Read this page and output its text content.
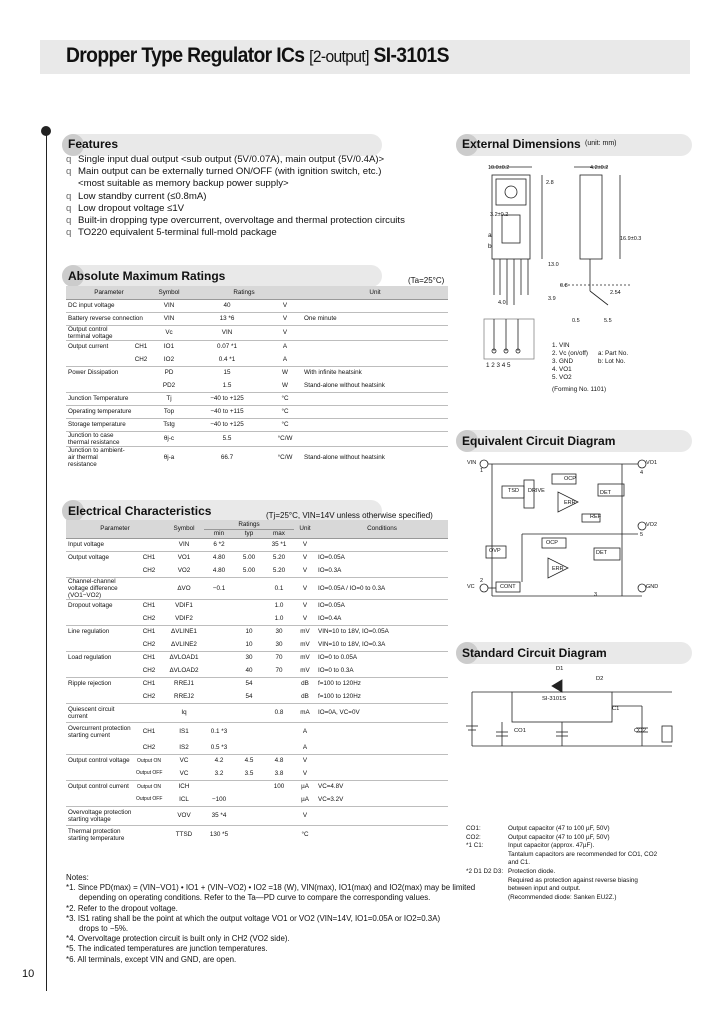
Dropper Type Regulator ICs [2-output] SI-3101S
10
Features
q Single input dual output <sub output (5V/0.07A), main output (5V/0.4A)>
q Main output can be externally turned ON/OFF (with ignition switch, etc.)
<most suitable as memory backup power supply>
q Low standby current (≤0.8mA)
q Low dropout voltage ≤1V
q Built-in dropping type overcurrent, overvoltage and thermal protection circuits
q TO220 equivalent 5-terminal full-mold package
Absolute Maximum Ratings	(Ta=25°C)
Parameter		Symbol	Ratings		Unit	
DC input voltage		VIN	40	V		
Battery reverse connection		VIN	13 *6	V	One minute	
Output control terminal voltage		Vc	VIN	V		
Output current	CH1	IO1	0.07 *1	A		
	CH2	IO2	0.4 *1	A		
Power Dissipation		PD	15	W	With infinite heatsink	
		PD2	1.5	W	Stand-alone without heatsink	
Junction Temperature		Tj	−40 to +125	°C		
Operating temperature		Top	−40 to +115	°C		
Storage temperature		Tstg	−40 to +125	°C		
Junction to case thermal resistance		θj-c	5.5	°C/W		
Junction to ambient-air thermal resistance		θj-a	66.7	°C/W	Stand-alone without heatsink	
Electrical Characteristics	(Tj=25°C, VIN=14V unless otherwise specified)
Parameter		Symbol	Ratings			Unit	Conditions
			min	typ	max		
Input voltage		VIN	6 *2		35 *1	V	
Output voltage	CH1	VO1	4.80	5.00	5.20	V	IO=0.05A
	CH2	VO2	4.80	5.00	5.20	V	IO=0.3A
Channel-channel voltage difference (VO1−VO2)		ΔVO	−0.1		0.1	V	IO=0.05A / IO=0 to 0.3A
Dropout voltage	CH1	VDIF1			1.0	V	IO=0.05A
	CH2	VDIF2			1.0	V	IO=0.4A
Line regulation	CH1	ΔVLINE1		10	30	mV	VIN=10 to 18V, IO=0.05A
	CH2	ΔVLINE2		10	30	mV	VIN=10 to 18V, IO=0.3A
Load regulation	CH1	ΔVLOAD1		30	70	mV	IO=0 to 0.05A
	CH2	ΔVLOAD2		40	70	mV	IO=0 to 0.3A
Ripple rejection	CH1	RREJ1		54		dB	f=100 to 120Hz
	CH2	RREJ2		54		dB	f=100 to 120Hz
Quiescent circuit current		Iq			0.8	mA	IO=0A, VC=0V
Overcurrent protection starting current	CH1	IS1	0.1 *3			A	
	CH2	IS2	0.5 *3			A	
Output control voltage	Output ON	VC	4.2	4.5	4.8	V	
	Output OFF	VC	3.2	3.5	3.8	V	
Output control current	Output ON	ICH			100	µA	VC=4.8V
	Output OFF	ICL	−100			µA	VC=3.2V
Overvoltage protection starting voltage		VOV	35 *4			V	
Thermal protection starting temperature		TTSD	130 *5			°C	
Notes:
*1. Since PD(max) = (VIN−VO1) • IO1 + (VIN−VO2) • IO2 =18 (W), VIN(max), IO1(max) and IO2(max) may be limited
depending on operating conditions. Refer to the Ta—PD curve to compare the corresponding values.
*2. Refer to the dropout voltage.
*3. IS1 rating shall be the point at which the output voltage VO1 or VO2 (VIN=14V, IO1=0.05A or IO2=0.3A)
drops to −5%.
*4. Overvoltage protection circuit is built only in CH2 (VO2 side).
*5. The indicated temperatures are junction temperatures.
*6. All terminals, except VIN and GND, are open.
External Dimensions (unit: mm)
10.0±0.2	4.2±0.2
2.8
3.2±0.2
16.9±0.3
13.0
0.8
2.54
4.0
0.5	5.5
3.9
1 2 3 4 5
a
b
1. VIN
2. Vc (on/off)
3. GND
4. VO1
5. VO2
a: Part No.
b: Lot No.
(Forming No. 1101)
Equivalent Circuit Diagram
VIN	VO1
VO2
VC	GND
1
2
3
4
5
TSD
OCP
ERR
REF
DET
OVP
OCP
ERR
DET
CONT
DRIVE
Standard Circuit Diagram
D1
D2
SI-3101S
CO1	CO2
C1
CO1:	Output capacitor (47 to 100 µF, 50V)
CO2:	Output capacitor (47 to 100 µF, 50V)
*1 C1:	Input capacitor (approx. 47µF).
Tantalum capacitors are recommended for CO1, CO2
and C1.
*2 D1 D2 D3: Protection diode.
Required as protection against reverse biasing
between input and output.
(Recommended diode: Sanken EU2Z.)
